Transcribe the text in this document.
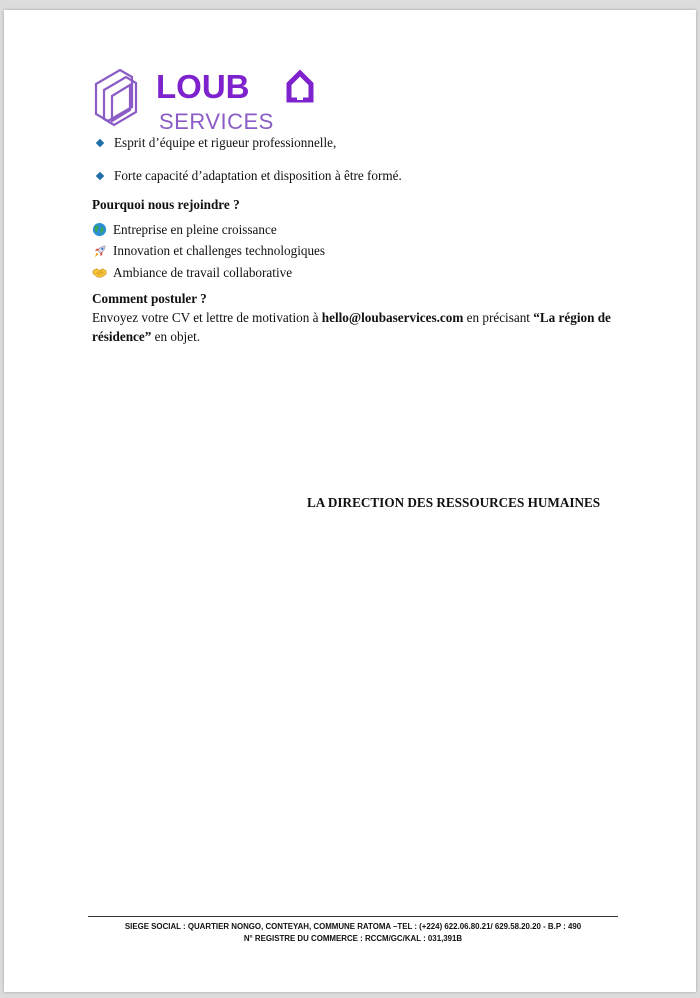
LOUB
SERVICES
Esprit d’équipe et rigueur professionnelle,
Forte capacité d’adaptation et disposition à être formé.
Pourquoi nous rejoindre ?
Entreprise en pleine croissance
Innovation et challenges technologiques
Ambiance de travail collaborative
Comment postuler ?
Envoyez votre CV et lettre de motivation à hello@loubaservices.com en précisant “La région de résidence” en objet.
LA DIRECTION DES RESSOURCES HUMAINES
SIEGE SOCIAL : QUARTIER NONGO, CONTEYAH, COMMUNE RATOMA –TEL : (+224) 622.06.80.21/ 629.58.20.20 - B.P : 490
N° REGISTRE DU COMMERCE : RCCM/GC/KAL : 031,391B
